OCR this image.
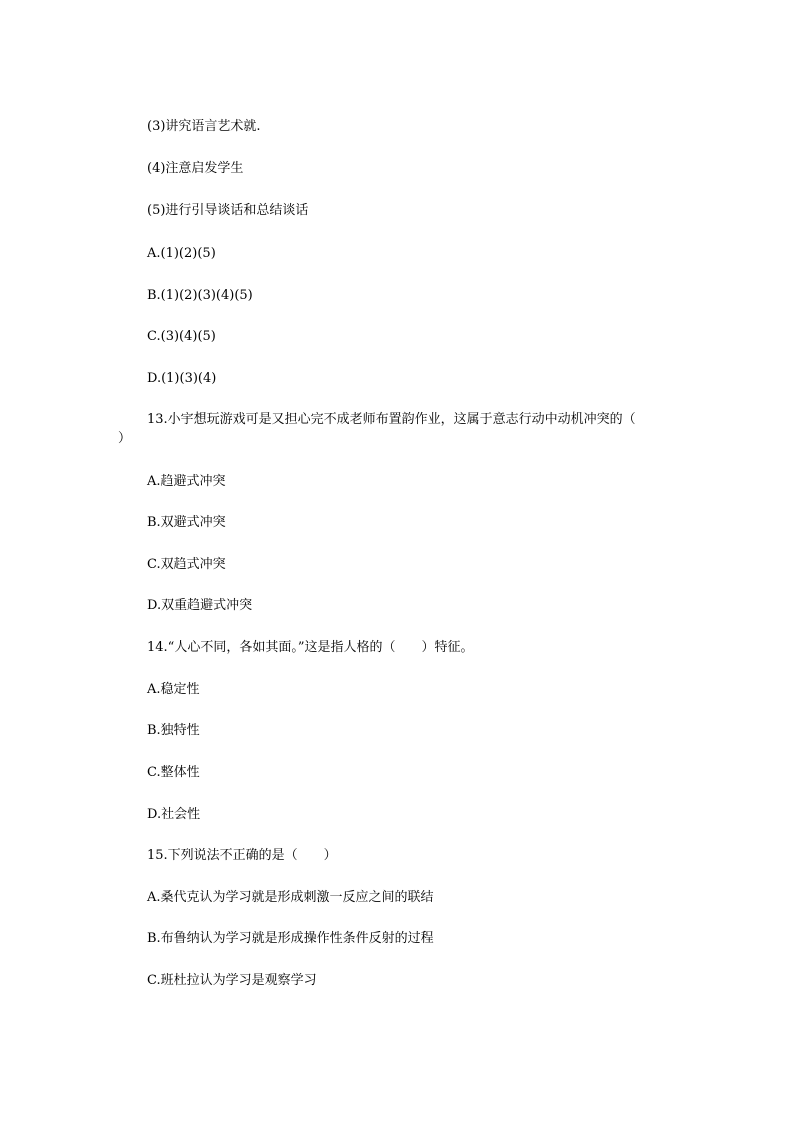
(3)讲究语言艺术就.
(4)注意启发学生
(5)进行引导谈话和总结谈话
A.(1)(2)(5)
B.(1)(2)(3)(4)(5)
C.(3)(4)(5)
D.(1)(3)(4)
13.小宇想玩游戏可是又担心完不成老师布置韵作业，这属于意志行动中动机冲突的（
）
A.趋避式冲突
B.双避式冲突
C.双趋式冲突
D.双重趋避式冲突
14.“人心不同，各如其面。”这是指人格的（　　）特征。
A.稳定性
B.独特性
C.整体性
D.社会性
15.下列说法不正确的是（　　）
A.桑代克认为学习就是形成刺激一反应之间的联结
B.布鲁纳认为学习就是形成操作性条件反射的过程
C.班杜拉认为学习是观察学习
